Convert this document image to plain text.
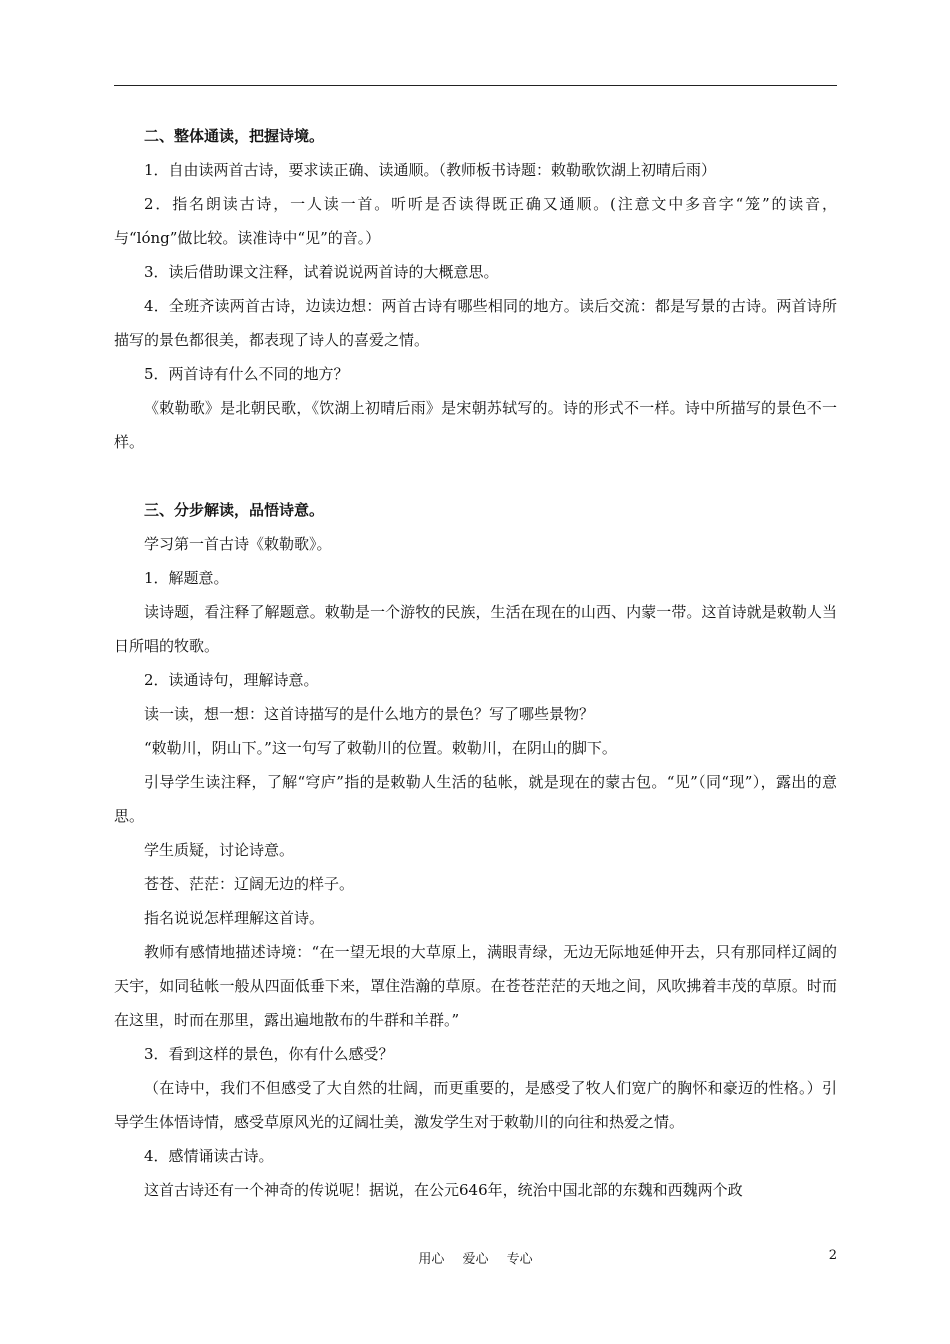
二、整体通读，把握诗境。

1．自由读两首古诗，要求读正确、读通顺。（教师板书诗题：敕勒歌饮湖上初晴后雨）

2．指名朗读古诗，一人读一首。听听是否读得既正确又通顺。(注意文中多音字“笼”的读音，与“lóng”做比较。读准诗中“见”的音。）

3．读后借助课文注释，试着说说两首诗的大概意思。

4．全班齐读两首古诗，边读边想：两首古诗有哪些相同的地方。读后交流：都是写景的古诗。两首诗所描写的景色都很美，都表现了诗人的喜爱之情。

5．两首诗有什么不同的地方？

《敕勒歌》是北朝民歌，《饮湖上初晴后雨》是宋朝苏轼写的。诗的形式不一样。诗中所描写的景色不一样。

三、分步解读，品悟诗意。

学习第一首古诗《敕勒歌》。

1．解题意。

读诗题，看注释了解题意。敕勒是一个游牧的民族，生活在现在的山西、内蒙一带。这首诗就是敕勒人当日所唱的牧歌。

2．读通诗句，理解诗意。

读一读，想一想：这首诗描写的是什么地方的景色？写了哪些景物？

“敕勒川，阴山下。”这一句写了敕勒川的位置。敕勒川，在阴山的脚下。

引导学生读注释，了解“穹庐”指的是敕勒人生活的毡帐，就是现在的蒙古包。“见”（同“现”），露出的意思。

学生质疑，讨论诗意。

苍苍、茫茫：辽阔无边的样子。

指名说说怎样理解这首诗。

教师有感情地描述诗境：“在一望无垠的大草原上，满眼青绿，无边无际地延伸开去，只有那同样辽阔的天宇，如同毡帐一般从四面低垂下来，罩住浩瀚的草原。在苍苍茫茫的天地之间，风吹拂着丰茂的草原。时而在这里，时而在那里，露出遍地散布的牛群和羊群。”

3．看到这样的景色，你有什么感受？

（在诗中，我们不但感受了大自然的壮阔，而更重要的，是感受了牧人们宽广的胸怀和豪迈的性格。）引导学生体悟诗情，感受草原风光的辽阔壮美，激发学生对于敕勒川的向往和热爱之情。

4．感情诵读古诗。

这首古诗还有一个神奇的传说呢！据说，在公元646年，统治中国北部的东魏和西魏两个政

用心 爱心 专心	2
